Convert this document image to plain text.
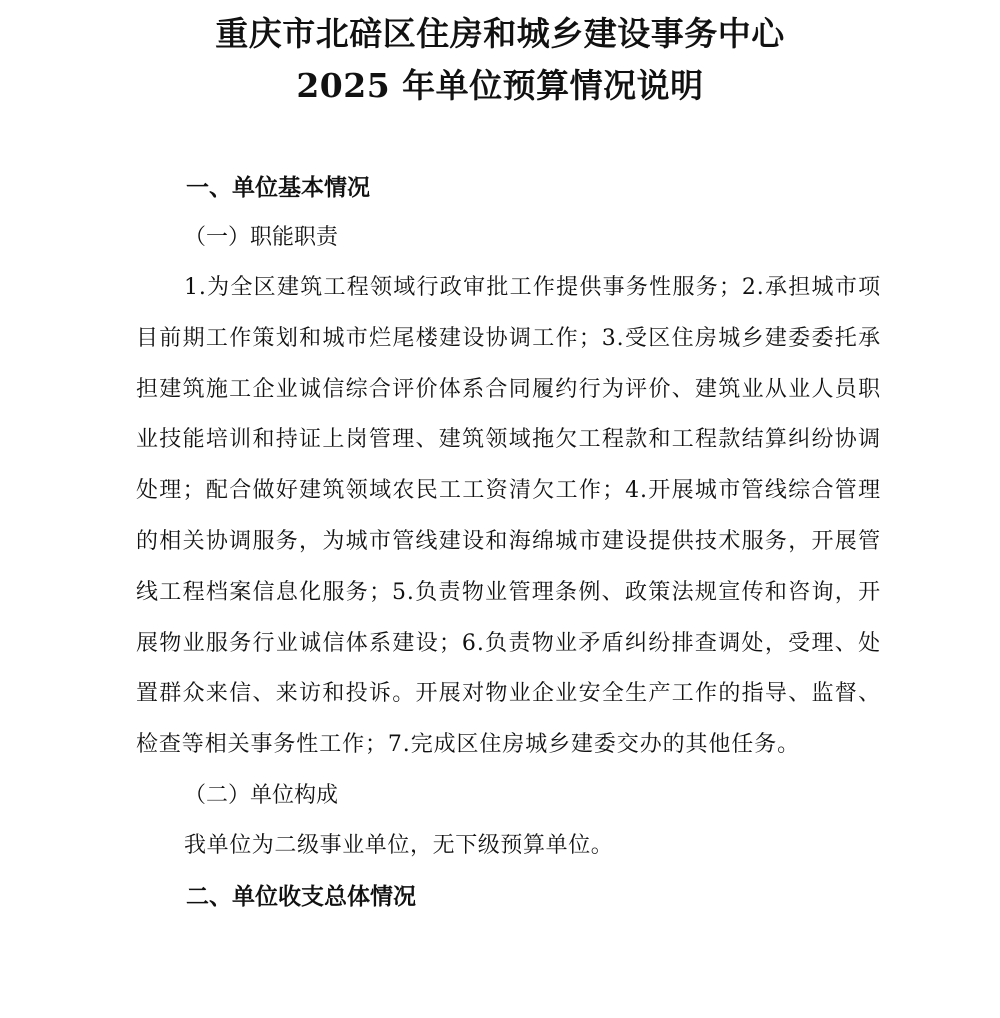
重庆市北碚区住房和城乡建设事务中心
2025 年单位预算情况说明
一、单位基本情况
（一）职能职责

1.为全区建筑工程领域行政审批工作提供事务性服务；2.承担城市项目前期工作策划和城市烂尾楼建设协调工作；3.受区住房城乡建委委托承担建筑施工企业诚信综合评价体系合同履约行为评价、建筑业从业人员职业技能培训和持证上岗管理、建筑领域拖欠工程款和工程款结算纠纷协调处理；配合做好建筑领域农民工工资清欠工作；4.开展城市管线综合管理的相关协调服务，为城市管线建设和海绵城市建设提供技术服务，开展管线工程档案信息化服务；5.负责物业管理条例、政策法规宣传和咨询，开展物业服务行业诚信体系建设；6.负责物业矛盾纠纷排查调处，受理、处置群众来信、来访和投诉。开展对物业企业安全生产工作的指导、监督、检查等相关事务性工作；7.完成区住房城乡建委交办的其他任务。

（二）单位构成

我单位为二级事业单位，无下级预算单位。

二、单位收支总体情况
